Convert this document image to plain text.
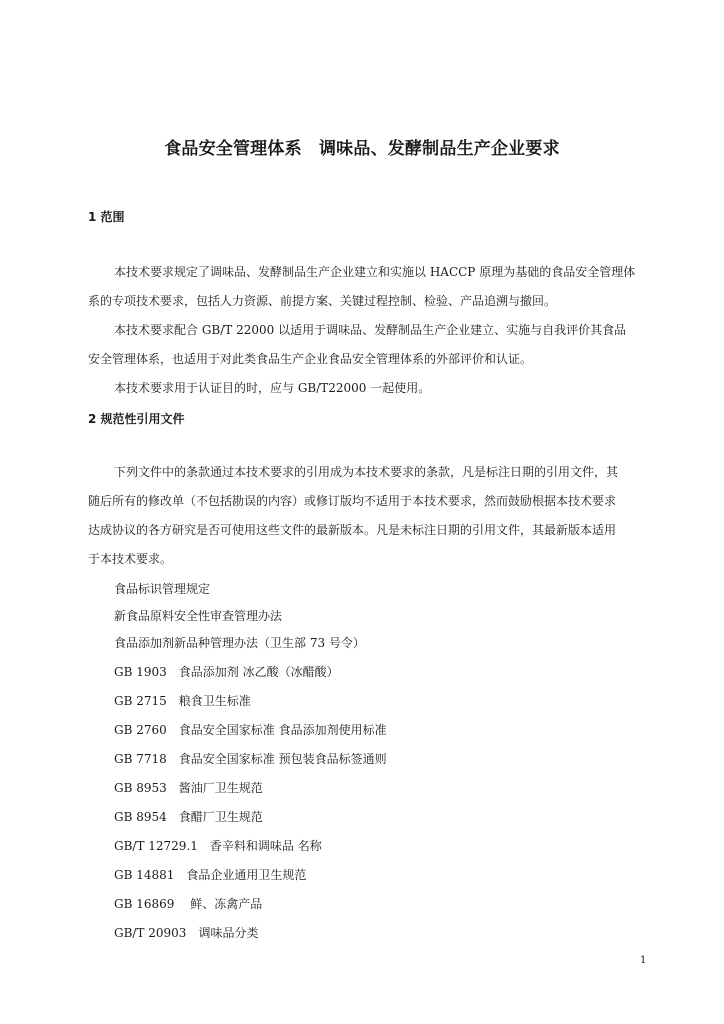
食品安全管理体系　调味品、发酵制品生产企业要求
1 范围
本技术要求规定了调味品、发酵制品生产企业建立和实施以 HACCP 原理为基础的食品安全管理体
系的专项技术要求，包括人力资源、前提方案、关键过程控制、检验、产品追溯与撤回。
本技术要求配合 GB/T 22000 以适用于调味品、发酵制品生产企业建立、实施与自我评价其食品
安全管理体系，也适用于对此类食品生产企业食品安全管理体系的外部评价和认证。
本技术要求用于认证目的时，应与 GB/T22000 一起使用。
2 规范性引用文件
下列文件中的条款通过本技术要求的引用成为本技术要求的条款，凡是标注日期的引用文件，其
随后所有的修改单（不包括勘误的内容）或修订版均不适用于本技术要求，然而鼓励根据本技术要求
达成协议的各方研究是否可使用这些文件的最新版本。凡是未标注日期的引用文件，其最新版本适用
于本技术要求。
食品标识管理规定
新食品原料安全性审查管理办法
食品添加剂新品种管理办法（卫生部 73 号令）
GB 1903　食品添加剂 冰乙酸（冰醋酸）
GB 2715　粮食卫生标准
GB 2760　食品安全国家标准 食品添加剂使用标准
GB 7718　食品安全国家标准 预包装食品标签通则
GB 8953　酱油厂卫生规范
GB 8954　食醋厂卫生规范
GB/T 12729.1　香辛料和调味品 名称
GB 14881　食品企业通用卫生规范
GB 16869　 鲜、冻禽产品
GB/T 20903　调味品分类
1
